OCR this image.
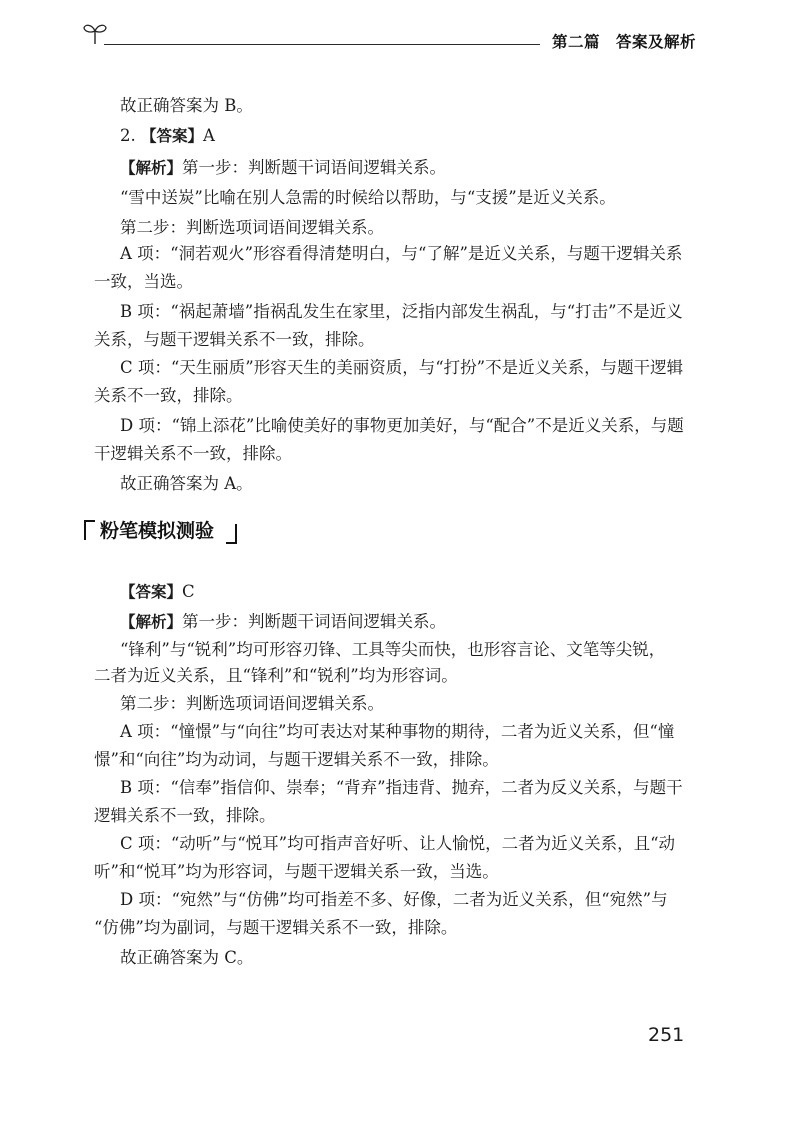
第二篇　答案及解析
故正确答案为 B。
2. 【答案】A
【解析】第一步：判断题干词语间逻辑关系。
“雪中送炭”比喻在别人急需的时候给以帮助，与“支援”是近义关系。
第二步：判断选项词语间逻辑关系。
A 项：“洞若观火”形容看得清楚明白，与“了解”是近义关系，与题干逻辑关系
一致，当选。
B 项：“祸起萧墙”指祸乱发生在家里，泛指内部发生祸乱，与“打击”不是近义
关系，与题干逻辑关系不一致，排除。
C 项：“天生丽质”形容天生的美丽资质，与“打扮”不是近义关系，与题干逻辑
关系不一致，排除。
D 项：“锦上添花”比喻使美好的事物更加美好，与“配合”不是近义关系，与题
干逻辑关系不一致，排除。
故正确答案为 A。
粉笔模拟测验
【答案】C
【解析】第一步：判断题干词语间逻辑关系。
“锋利”与“锐利”均可形容刃锋、工具等尖而快，也形容言论、文笔等尖锐，
二者为近义关系，且“锋利”和“锐利”均为形容词。
第二步：判断选项词语间逻辑关系。
A 项：“憧憬”与“向往”均可表达对某种事物的期待，二者为近义关系，但“憧
憬”和“向往”均为动词，与题干逻辑关系不一致，排除。
B 项：“信奉”指信仰、崇奉；“背弃”指违背、抛弃，二者为反义关系，与题干
逻辑关系不一致，排除。
C 项：“动听”与“悦耳”均可指声音好听、让人愉悦，二者为近义关系，且“动
听”和“悦耳”均为形容词，与题干逻辑关系一致，当选。
D 项：“宛然”与“仿佛”均可指差不多、好像，二者为近义关系，但“宛然”与
“仿佛”均为副词，与题干逻辑关系不一致，排除。
故正确答案为 C。
251
